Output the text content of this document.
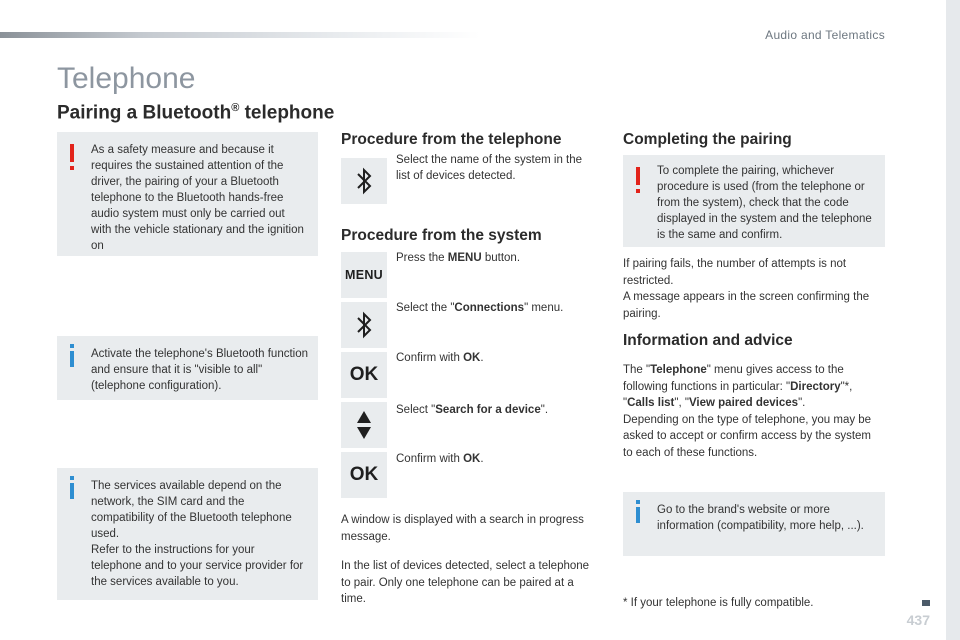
Audio and Telematics
Telephone
Pairing a Bluetooth® telephone
As a safety measure and because it requires the sustained attention of the driver, the pairing of your a Bluetooth telephone to the Bluetooth hands-free audio system must only be carried out with the vehicle stationary and the ignition on
Activate the telephone's Bluetooth function and ensure that it is "visible to all" (telephone configuration).
The services available depend on the network, the SIM card and the compatibility of the Bluetooth telephone used.
Refer to the instructions for your telephone and to your service provider for the services available to you.
Procedure from the telephone
Select the name of the system in the list of devices detected.
Procedure from the system
MENU
Press the MENU button.
Select the "Connections" menu.
OK
Confirm with OK.
Select "Search for a device".
OK
Confirm with OK.
A window is displayed with a search in progress message.
In the list of devices detected, select a telephone to pair. Only one telephone can be paired at a time.
Completing the pairing
To complete the pairing, whichever procedure is used (from the telephone or from the system), check that the code displayed in the system and the telephone is the same and confirm.
If pairing fails, the number of attempts is not restricted.
A message appears in the screen confirming the pairing.
Information and advice
The "Telephone" menu gives access to the following functions in particular: "Directory"*, "Calls list", "View paired devices".
Depending on the type of telephone, you may be asked to accept or confirm access by the system to each of these functions.
Go to the brand's website or more information (compatibility, more help, ...).
* If your telephone is fully compatible.
437
